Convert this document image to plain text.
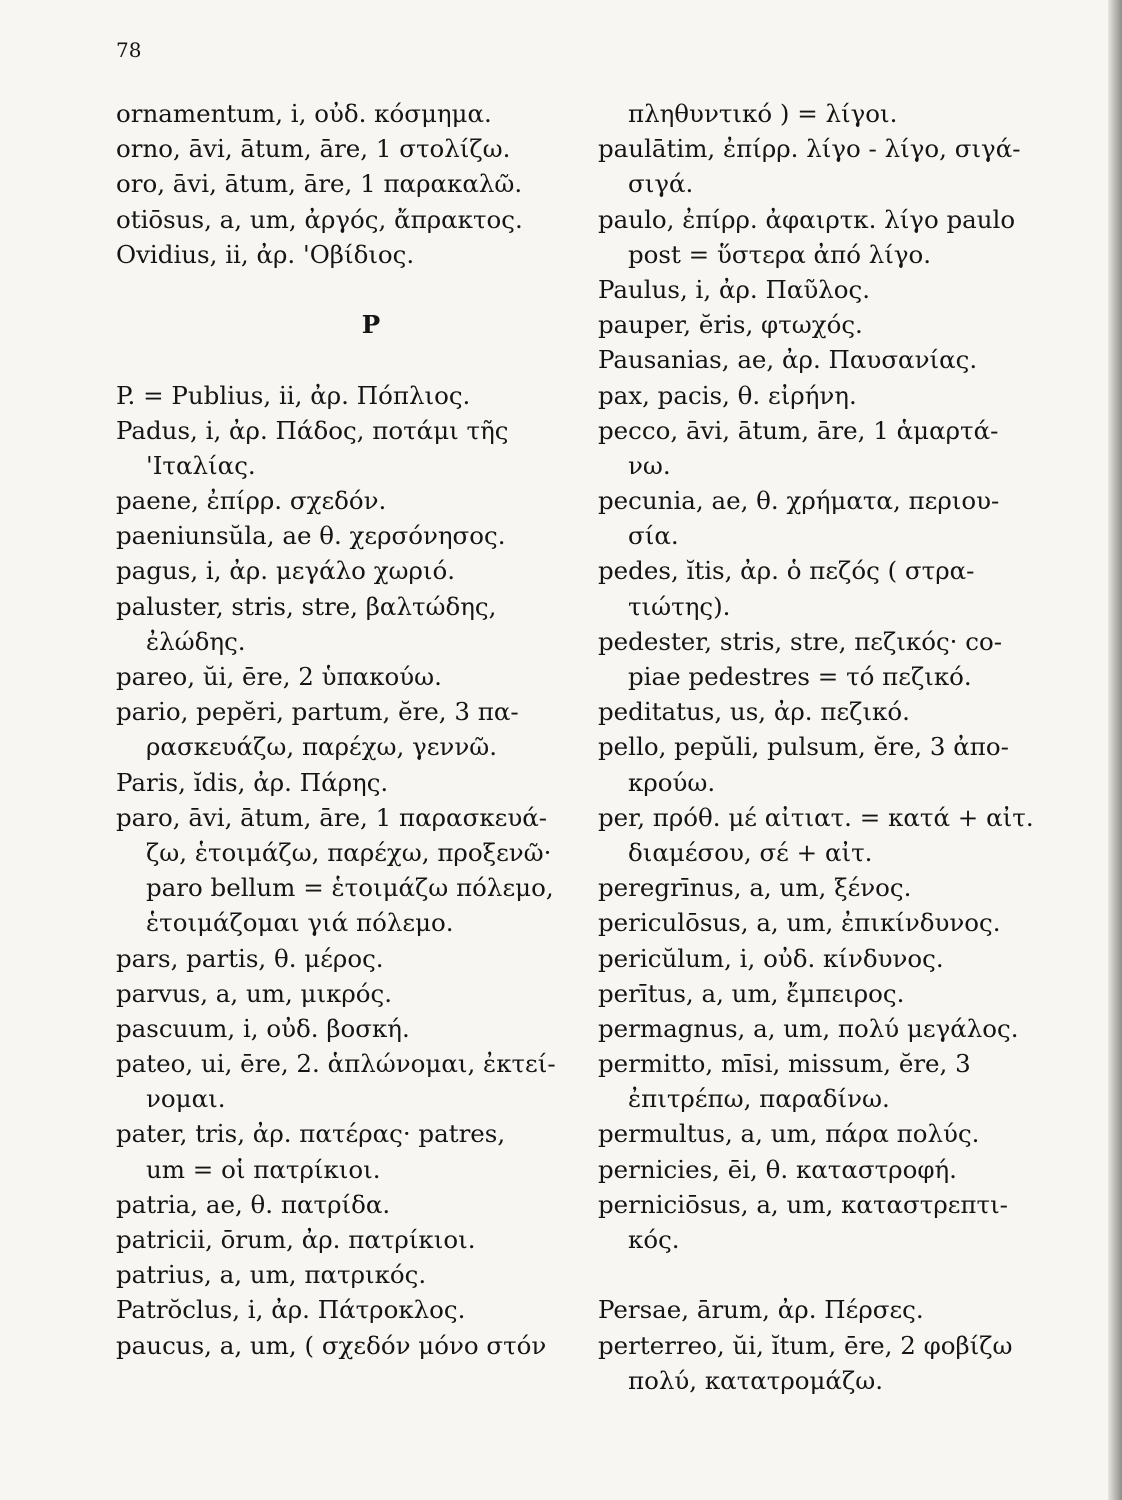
78
ornamentum, i, οὐδ. κόσμημα.
orno, āvi, ātum, āre, 1 στολίζω.
oro, āvi, ātum, āre, 1 παρακαλῶ.
otiōsus, a, um, ἀργός, ἄπρακτος.
Ovidius, ii, ἀρ. 'Οβίδιος.
P
P. = Publius, ii, ἀρ. Πόπλιος.
Padus, i, ἀρ. Πάδος, ποτάμι τῆς
'Ιταλίας.
paene, ἐπίρρ. σχεδόν.
paeniunsŭla, ae θ. χερσόνησος.
pagus, i, ἀρ. μεγάλο χωριό.
paluster, stris, stre, βαλτώδης,
ἐλώδης.
pareo, ŭi, ēre, 2 ὑπακούω.
pario, pepĕri, partum, ĕre, 3 πα-
ρασκευάζω, παρέχω, γεννῶ.
Paris, ĭdis, ἀρ. Πάρης.
paro, āvi, ātum, āre, 1 παρασκευά-
ζω, ἑτοιμάζω, παρέχω, προξενῶ·
paro bellum = ἑτοιμάζω πόλεμο,
ἑτοιμάζομαι γιά πόλεμο.
pars, partis, θ. μέρος.
parvus, a, um, μικρός.
pascuum, i, οὐδ. βοσκή.
pateo, ui, ēre, 2. ἁπλώνομαι, ἐκτεί-
νομαι.
pater, tris, ἀρ. πατέρας· patres,
um = οἱ πατρίκιοι.
patria, ae, θ. πατρίδα.
patricii, ōrum, ἀρ. πατρίκιοι.
patrius, a, um, πατρικός.
Patrŏclus, i, ἀρ. Πάτροκλος.
paucus, a, um, ( σχεδόν μόνο στόν
πληθυντικό ) = λίγοι.
paulātim, ἐπίρρ. λίγο - λίγο, σιγά-
σιγά.
paulo, ἐπίρρ. ἀφαιρτκ. λίγο paulo
post = ὕστερα ἀπό λίγο.
Paulus, i, ἀρ. Παῦλος.
pauper, ĕris, φτωχός.
Pausanias, ae, ἀρ. Παυσανίας.
pax, pacis, θ. εἰρήνη.
pecco, āvi, ātum, āre, 1 ἁμαρτά-
νω.
pecunia, ae, θ. χρήματα, περιου-
σία.
pedes, ĭtis, ἀρ. ὁ πεζός ( στρα-
τιώτης).
pedester, stris, stre, πεζικός· co-
piae pedestres = τό πεζικό.
peditatus, us, ἀρ. πεζικό.
pello, pepŭli, pulsum, ĕre, 3 ἀπο-
κρούω.
per, πρόθ. μέ αἰτιατ. = κατά + αἰτ.
διαμέσου, σέ + αἰτ.
peregrīnus, a, um, ξένος.
periculōsus, a, um, ἐπικίνδυνος.
pericŭlum, i, οὐδ. κίνδυνος.
perītus, a, um, ἔμπειρος.
permagnus, a, um, πολύ μεγάλος.
permitto, mīsi, missum, ĕre, 3
ἐπιτρέπω, παραδίνω.
permultus, a, um, πάρα πολύς.
pernicies, ēi, θ. καταστροφή.
perniciōsus, a, um, καταστρεπτι-
κός.
Persae, ārum, ἀρ. Πέρσες.
perterreo, ŭi, ĭtum, ēre, 2 φοβίζω
πολύ, κατατρομάζω.
